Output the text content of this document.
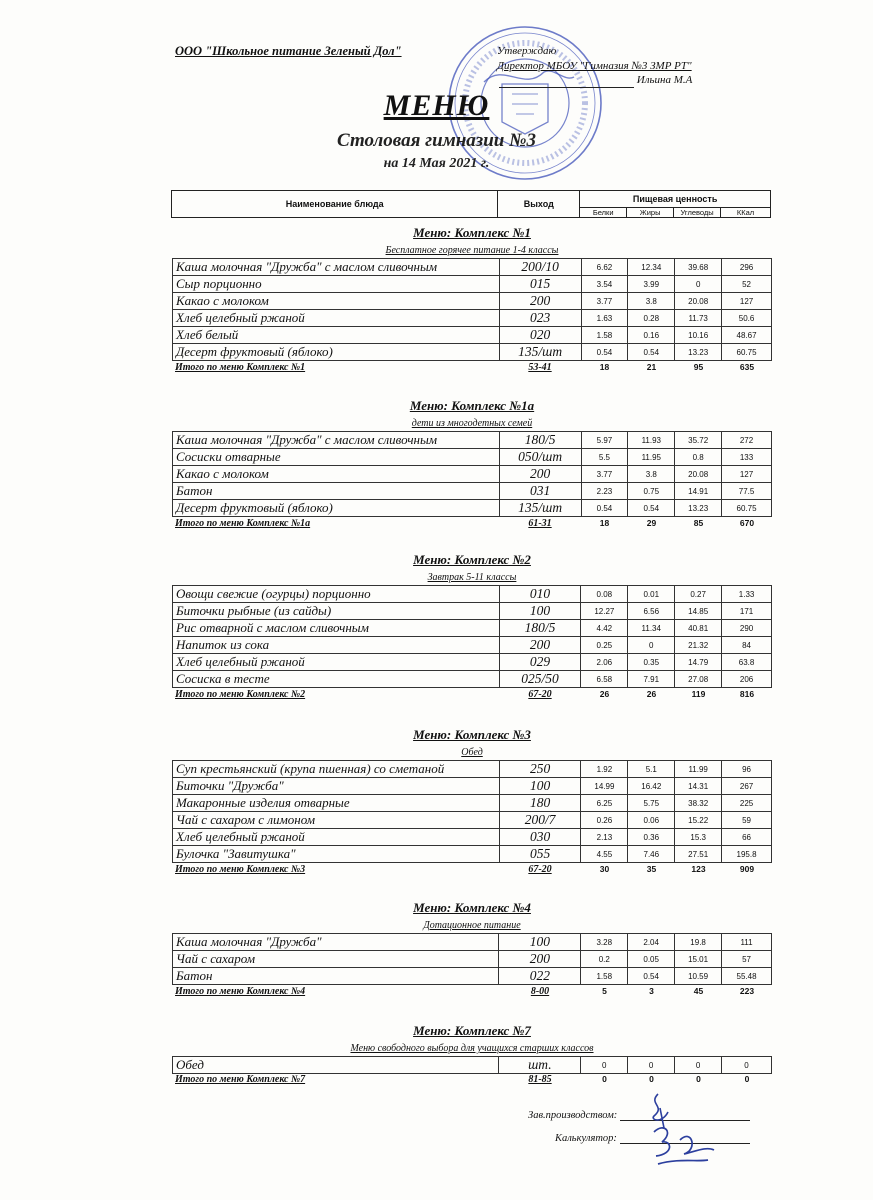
ООО "Школьное питание Зеленый Дол"	Утверждаю
Директор МБОУ "Гимназия №3 ЗМР РТ"
Ильина М.А
МЕНЮ
Столовая гимназии №3
на 14 Мая 2021 г.
Наименование блюда	Выход	Пищевая ценность			
		Белки	Жиры	Углеводы	ККал
Меню: Комплекс №1
Бесплатное горячее питание 1-4 классы
Каша молочная "Дружба" с маслом сливочным	200/10	6.62	12.34	39.68	296
Сыр порционно	015	3.54	3.99	0	52
Какао с молоком	200	3.77	3.8	20.08	127
Хлеб целебный ржаной	023	1.63	0.28	11.73	50.6
Хлеб белый	020	1.58	0.16	10.16	48.67
Десерт фруктовый (яблоко)	135/шт	0.54	0.54	13.23	60.75
Итого по меню Комплекс №1	53-41	18	21	95	635
Меню: Комплекс №1а
дети из многодетных семей
Каша молочная "Дружба" с маслом сливочным	180/5	5.97	11.93	35.72	272
Сосиски отварные	050/шт	5.5	11.95	0.8	133
Какао с молоком	200	3.77	3.8	20.08	127
Батон	031	2.23	0.75	14.91	77.5
Десерт фруктовый (яблоко)	135/шт	0.54	0.54	13.23	60.75
Итого по меню Комплекс №1а	61-31	18	29	85	670
Меню: Комплекс №2
Завтрак 5-11 классы
Овощи свежие (огурцы) порционно	010	0.08	0.01	0.27	1.33
Биточки рыбные (из сайды)	100	12.27	6.56	14.85	171
Рис отварной с маслом сливочным	180/5	4.42	11.34	40.81	290
Напиток из сока	200	0.25	0	21.32	84
Хлеб целебный ржаной	029	2.06	0.35	14.79	63.8
Сосиска в тесте	025/50	6.58	7.91	27.08	206
Итого по меню Комплекс №2	67-20	26	26	119	816
Меню: Комплекс №3
Обед
Суп крестьянский (крупа пшенная) со сметаной	250	1.92	5.1	11.99	96
Биточки "Дружба"	100	14.99	16.42	14.31	267
Макаронные изделия отварные	180	6.25	5.75	38.32	225
Чай с сахаром с лимоном	200/7	0.26	0.06	15.22	59
Хлеб целебный ржаной	030	2.13	0.36	15.3	66
Булочка "Завитушка"	055	4.55	7.46	27.51	195.8
Итого по меню Комплекс №3	67-20	30	35	123	909
Меню: Комплекс №4
Дотационное питание
Каша молочная "Дружба"	100	3.28	2.04	19.8	111
Чай с сахаром	200	0.2	0.05	15.01	57
Батон	022	1.58	0.54	10.59	55.48
Итого по меню Комплекс №4	8-00	5	3	45	223
Меню: Комплекс №7
Меню свободного выбора для учащихся старших классов
Обед	шт.	0	0	0	0
Итого по меню Комплекс №7	81-85	0	0	0	0
Зав.производством:
Калькулятор:
